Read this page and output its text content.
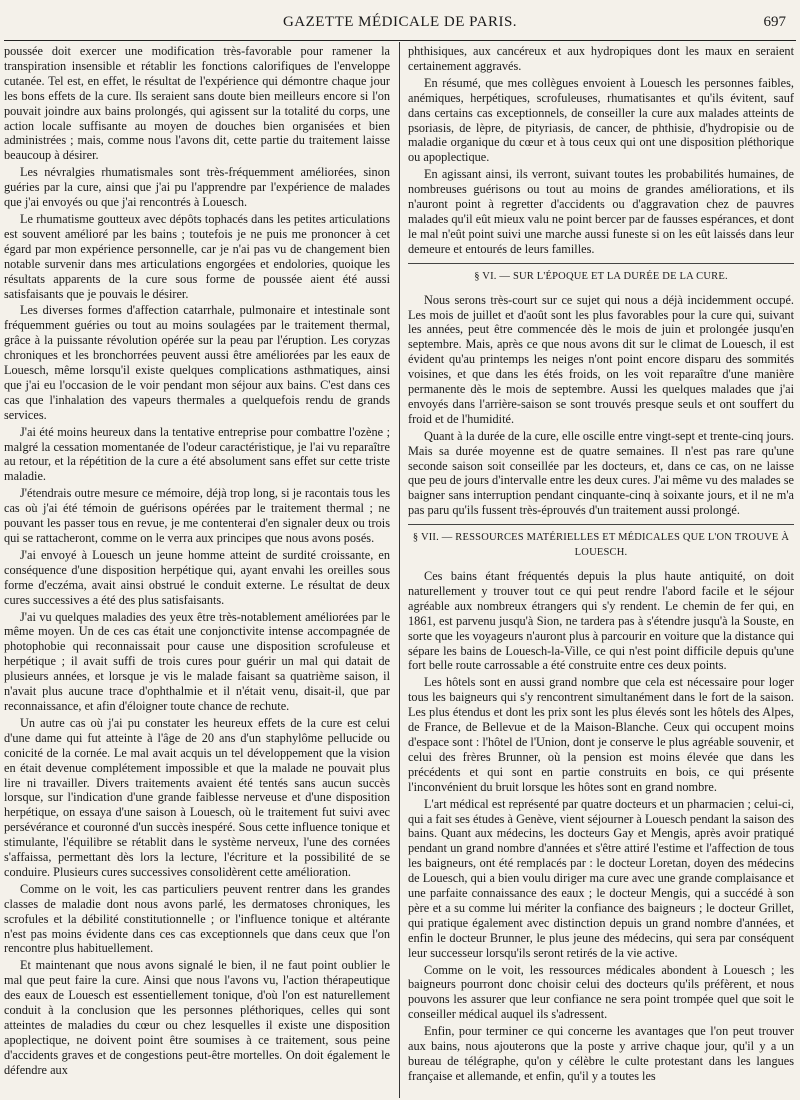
GAZETTE MÉDICALE DE PARIS.	697

poussée doit exercer une modification très-favorable pour ramener la transpiration insensible et rétablir les fonctions calorifiques de l'enveloppe cutanée. Tel est, en effet, le résultat de l'expérience qui démontre chaque jour les bons effets de la cure. Ils seraient sans doute bien meilleurs encore si l'on pouvait joindre aux bains prolongés, qui agissent sur la totalité du corps, une action locale suffisante au moyen de douches bien organisées et bien administrées ; mais, comme nous l'avons dit, cette partie du traitement laisse beaucoup à désirer.

Les névralgies rhumatismales sont très-fréquemment améliorées, sinon guéries par la cure, ainsi que j'ai pu l'apprendre par l'expérience de malades que j'ai envoyés ou que j'ai rencontrés à Louesch.

Le rhumatisme goutteux avec dépôts tophacés dans les petites articulations est souvent amélioré par les bains ; toutefois je ne puis me prononcer à cet égard par mon expérience personnelle, car je n'ai pas vu de changement bien notable survenir dans mes articulations engorgées et endolories, quoique les résultats apparents de la cure sous forme de poussée aient été aussi satisfaisants que je pouvais le désirer.

Les diverses formes d'affection catarrhale, pulmonaire et intestinale sont fréquemment guéries ou tout au moins soulagées par le traitement thermal, grâce à la puissante révolution opérée sur la peau par l'éruption. Les coryzas chroniques et les bronchorrées peuvent aussi être améliorées par les eaux de Louesch, même lorsqu'il existe quelques complications asthmatiques, ainsi que j'ai eu l'occasion de le voir pendant mon séjour aux bains. C'est dans ces cas que l'inhalation des vapeurs thermales a quelquefois rendu de grands services.

J'ai été moins heureux dans la tentative entreprise pour combattre l'ozène ; malgré la cessation momentanée de l'odeur caractéristique, je l'ai vu reparaître au retour, et la répétition de la cure a été absolument sans effet sur cette triste maladie.

J'étendrais outre mesure ce mémoire, déjà trop long, si je racontais tous les cas où j'ai été témoin de guérisons opérées par le traitement thermal ; ne pouvant les passer tous en revue, je me contenterai d'en signaler deux ou trois qui se rattacheront, comme on le verra aux principes que nous avons posés.

J'ai envoyé à Louesch un jeune homme atteint de surdité croissante, en conséquence d'une disposition herpétique qui, ayant envahi les oreilles sous forme d'eczéma, avait ainsi obstrué le conduit externe. Le résultat de deux cures successives a été des plus satisfaisants.

J'ai vu quelques maladies des yeux être très-notablement améliorées par le même moyen. Un de ces cas était une conjonctivite intense accompagnée de photophobie qui reconnaissait pour cause une disposition scrofuleuse et herpétique ; il avait suffi de trois cures pour guérir un mal qui datait de plusieurs années, et lorsque je vis le malade faisant sa quatrième saison, il n'avait plus aucune trace d'ophthalmie et il n'était venu, disait-il, que par reconnaissance, et afin d'éloigner toute chance de rechute.

Un autre cas où j'ai pu constater les heureux effets de la cure est celui d'une dame qui fut atteinte à l'âge de 20 ans d'un staphylôme pellucide ou conicité de la cornée. Le mal avait acquis un tel développement que la vision en était devenue complétement impossible et que la malade ne pouvait plus lire ni travailler. Divers traitements avaient été tentés sans aucun succès lorsque, sur l'indication d'une grande faiblesse nerveuse et d'une disposition herpétique, on essaya d'une saison à Louesch, où le traitement fut suivi avec persévérance et couronné d'un succès inespéré. Sous cette influence tonique et stimulante, l'équilibre se rétablit dans le système nerveux, l'une des cornées s'affaissa, permettant dès lors la lecture, l'écriture et la possibilité de se conduire. Plusieurs cures successives consolidèrent cette amélioration.

Comme on le voit, les cas particuliers peuvent rentrer dans les grandes classes de maladie dont nous avons parlé, les dermatoses chroniques, les scrofules et la débilité constitutionnelle ; or l'influence tonique et altérante n'est pas moins évidente dans ces cas exceptionnels que dans ceux que l'on rencontre plus habituellement.

Et maintenant que nous avons signalé le bien, il ne faut point oublier le mal que peut faire la cure. Ainsi que nous l'avons vu, l'action thérapeutique des eaux de Louesch est essentiellement tonique, d'où l'on est naturellement conduit à la conclusion que les personnes pléthoriques, celles qui sont atteintes de maladies du cœur ou chez lesquelles il existe une disposition apoplectique, ne doivent point être soumises à ce traitement, sous peine d'accidents graves et de congestions peut-être mortelles. On doit également le défendre aux

phthisiques, aux cancéreux et aux hydropiques dont les maux en seraient certainement aggravés.

En résumé, que mes collègues envoient à Louesch les personnes faibles, anémiques, herpétiques, scrofuleuses, rhumatisantes et qu'ils évitent, sauf dans certains cas exceptionnels, de conseiller la cure aux malades atteints de psoriasis, de lèpre, de pityriasis, de cancer, de phthisie, d'hydropisie ou de maladie organique du cœur et à tous ceux qui ont une disposition pléthorique ou apoplectique.

En agissant ainsi, ils verront, suivant toutes les probabilités humaines, de nombreuses guérisons ou tout au moins de grandes améliorations, et ils n'auront point à regretter d'accidents ou d'aggravation chez de pauvres malades qu'il eût mieux valu ne point bercer par de fausses espérances, et dont le mal n'eût point suivi une marche aussi funeste si on les eût laissés dans leur demeure et entourés de leurs familles.

§ VI. — SUR L'ÉPOQUE ET LA DURÉE DE LA CURE.

Nous serons très-court sur ce sujet qui nous a déjà incidemment occupé. Les mois de juillet et d'août sont les plus favorables pour la cure qui, suivant les années, peut être commencée dès le mois de juin et prolongée jusqu'en septembre. Mais, après ce que nous avons dit sur le climat de Louesch, il est évident qu'au printemps les neiges n'ont point encore disparu des sommités voisines, et que dans les étés froids, on les voit reparaître d'une manière permanente dès le mois de septembre. Aussi les quelques malades que j'ai envoyés dans l'arrière-saison se sont trouvés presque seuls et ont souffert du froid et de l'humidité.

Quant à la durée de la cure, elle oscille entre vingt-sept et trente-cinq jours. Mais sa durée moyenne est de quatre semaines. Il n'est pas rare qu'une seconde saison soit conseillée par les docteurs, et, dans ce cas, on ne laisse que peu de jours d'intervalle entre les deux cures. J'ai même vu des malades se baigner sans interruption pendant cinquante-cinq à soixante jours, et il ne m'a pas paru qu'ils fussent très-éprouvés d'un traitement aussi prolongé.

§ VII. — RESSOURCES MATÉRIELLES ET MÉDICALES QUE L'ON TROUVE À LOUESCH.

Ces bains étant fréquentés depuis la plus haute antiquité, on doit naturellement y trouver tout ce qui peut rendre l'abord facile et le séjour agréable aux nombreux étrangers qui s'y rendent. Le chemin de fer qui, en 1861, est parvenu jusqu'à Sion, ne tardera pas à s'étendre jusqu'à la Souste, en sorte que les voyageurs n'auront plus à parcourir en voiture que la distance qui sépare les bains de Louesch-la-Ville, ce qui n'est point difficile depuis qu'une fort belle route carrossable a été construite entre ces deux points.

Les hôtels sont en aussi grand nombre que cela est nécessaire pour loger tous les baigneurs qui s'y rencontrent simultanément dans le fort de la saison. Les plus étendus et dont les prix sont les plus élevés sont les hôtels des Alpes, de France, de Bellevue et de la Maison-Blanche. Ceux qui occupent moins d'espace sont : l'hôtel de l'Union, dont je conserve le plus agréable souvenir, et celui des frères Brunner, où la pension est moins élevée que dans les précédents et qui sont en partie construits en bois, ce qui présente l'inconvénient du bruit lorsque les hôtes sont en grand nombre.

L'art médical est représenté par quatre docteurs et un pharmacien ; celui-ci, qui a fait ses études à Genève, vient séjourner à Louesch pendant la saison des bains. Quant aux médecins, les docteurs Gay et Mengis, après avoir pratiqué pendant un grand nombre d'années et s'être attiré l'estime et l'affection de tous les baigneurs, ont été remplacés par : le docteur Loretan, doyen des médecins de Louesch, qui a bien voulu diriger ma cure avec une grande complaisance et une parfaite connaissance des eaux ; le docteur Mengis, qui a succédé à son père et a su comme lui mériter la confiance des baigneurs ; le docteur Grillet, qui pratique également avec distinction depuis un grand nombre d'années, et enfin le docteur Brunner, le plus jeune des médecins, qui sera par conséquent leur successeur lorsqu'ils seront retirés de la vie active.

Comme on le voit, les ressources médicales abondent à Louesch ; les baigneurs pourront donc choisir celui des docteurs qu'ils préfèrent, et nous pouvons les assurer que leur confiance ne sera point trompée quel que soit le conseiller médical auquel ils s'adressent.

Enfin, pour terminer ce qui concerne les avantages que l'on peut trouver aux bains, nous ajouterons que la poste y arrive chaque jour, qu'il y a un bureau de télégraphe, qu'on y célèbre le culte protestant dans les langues française et allemande, et enfin, qu'il y a toutes les
